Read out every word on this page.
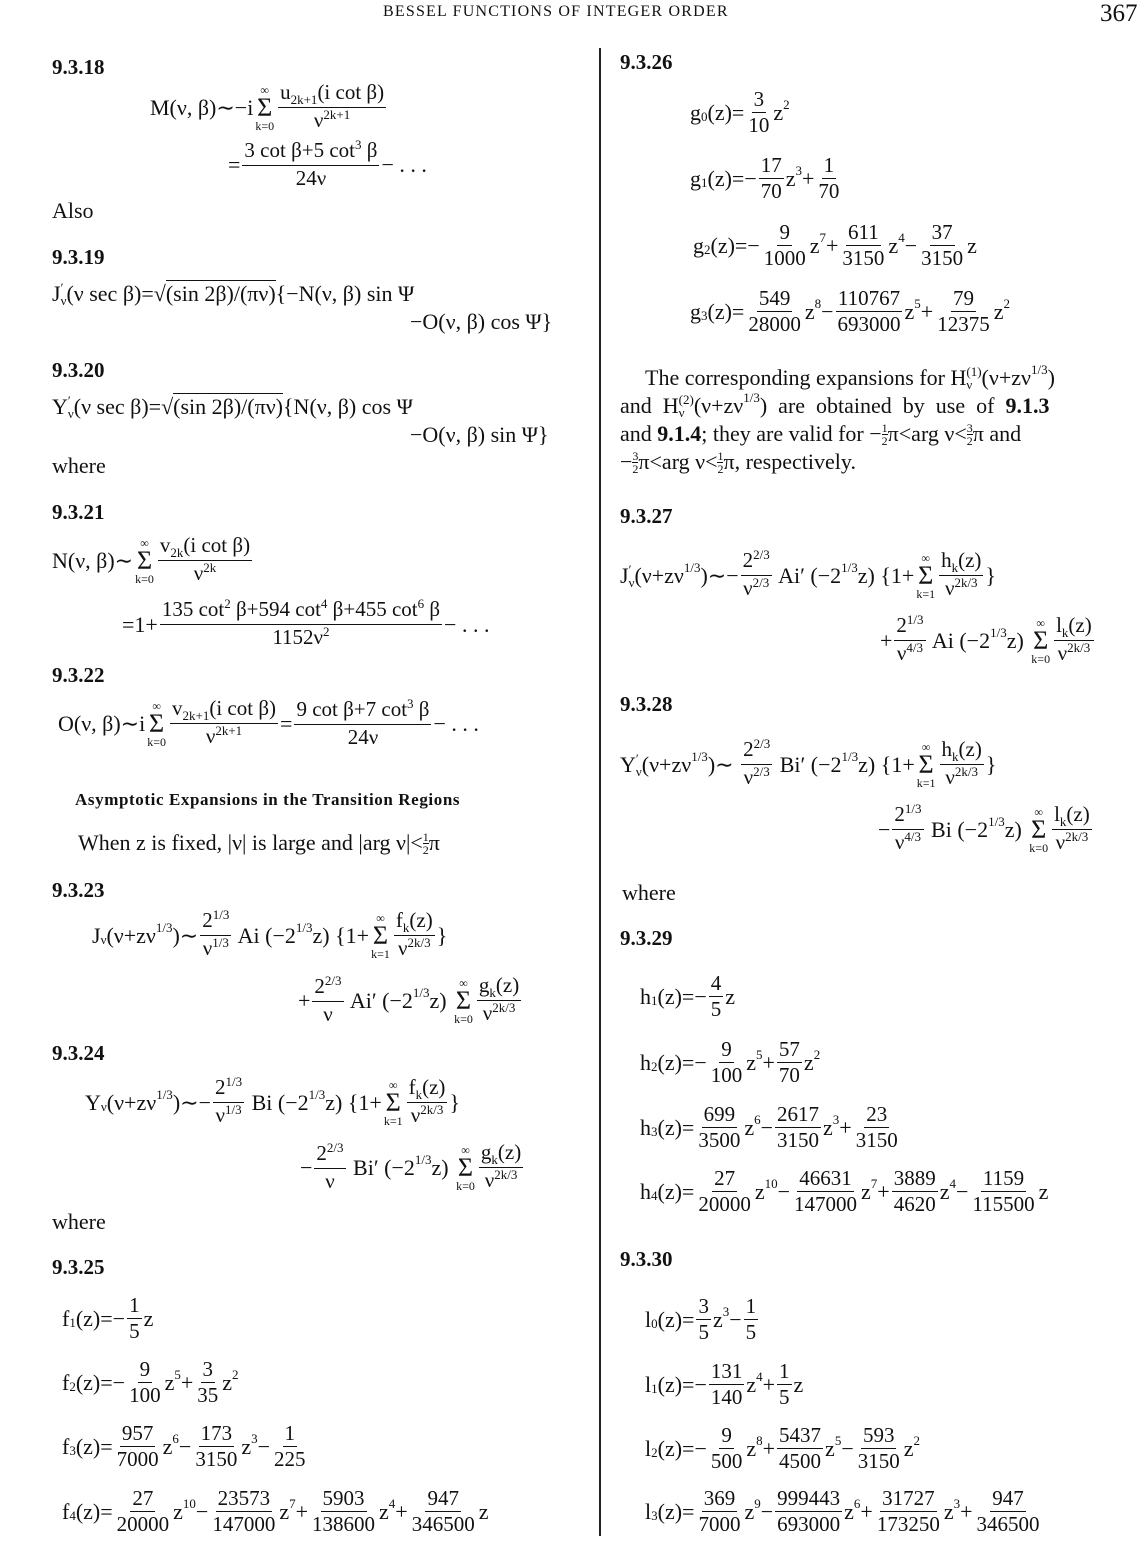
BESSEL FUNCTIONS OF INTEGER ORDER	367
9.3.18
M(ν, β)∼−i
∞
Σ
$k=0 \frac{u_{2k+1}(i \cot \beta)}{\nu^{2k+1}}$
= $\frac{3 \cot \beta+5 \cot^3 \beta}{24\nu}$ − . . .
Also
9.3.19
J ′
ν (ν sec β)= √(sin 2β)/(πν) {−N(ν, β) sin Ψ
−O(ν, β) cos Ψ}
9.3.20
Y ′
ν (ν sec β)= √(sin 2β)/(πν) {N(ν, β) cos Ψ
−O(ν, β) sin Ψ}
where
9.3.21
N(ν, β)∼
∞
Σ
$k=0 \frac{v_{2k}(i \cot \beta)}{\nu^{2k}}$
$=1+ \frac{135 \cot^2 \beta+594 \cot^4 \beta+455 \cot^6 \beta}{1152\nu^2}$ − . . .
9.3.22
O(ν, β)∼i
∞
Σ
$k=0 \frac{v_{2k+1}(i \cot \beta)}{\nu^{2k+1}} = \frac{9 \cot \beta+7 \cot^3 \beta}{24\nu}$ − . . .
Asymptotic Expansions in the Transition Regions
When z is fixed, |ν| is large and |arg $\nu|< \frac{1}{2}$ π
9.3.23
J ν (ν+zν 1/3 )∼ $\frac{2^{1/3}}{\nu^{1/3}}$ Ai (−2 1/3 z) {1+
∞
Σ
$k=1 \frac{f_k(z)}{\nu^{2k/3}}$ }
+ $\frac{2^{2/3}}{\nu} Ai'$ (−2 1/3 z)
∞
Σ
$k=0 \frac{g_k(z)}{\nu^{2k/3}}$
9.3.24
Y ν (ν+zν 1/3 )∼− $\frac{2^{1/3}}{\nu^{1/3}}$ Bi (−2 1/3 z) {1+
∞
Σ
$k=1 \frac{f_k(z)}{\nu^{2k/3}}$ }
− $\frac{2^{2/3}}{\nu} Bi'$ (−2 1/3 z)
∞
Σ
$k=0 \frac{g_k(z)}{\nu^{2k/3}}$
where
9.3.25
f 1 $(z)=- \frac{1}{5}$ z
f 2 $(z)=- \frac{9}{100}$ z $5 + \frac{3}{35}$ z 2
f 3 $(z)= \frac{957}{7000}$ z $6 - \frac{173}{3150}$ z $3 - \frac{1}{225}$
f 4 $(z)= \frac{27}{20000}$ z $10 - \frac{23573}{147000}$ z $7 + \frac{5903}{138600}$ z $4 + \frac{947}{346500}$ z
9.3.26
g 0 $(z)= \frac{3}{10}$ z 2
g 1 $(z)=- \frac{17}{70}$ z $3 + \frac{1}{70}$
g 2 $(z)=- \frac{9}{1000}$ z $7 + \frac{611}{3150}$ z $4 - \frac{37}{3150}$ z
g 3 $(z)= \frac{549}{28000}$ z $8 - \frac{110767}{693000}$ z $5 + \frac{79}{12375}$ z 2
The corresponding expansions for H (1)
ν (ν+zν 1/3 )
and  H (2)
ν (ν+zν 1/3 )  are  obtained  by  use  of 9.1.3
and 9.1.4 ; they are valid for − $\frac{1}{2} \pi<arg$ $\nu< \frac{3}{2}$ π and
− $\frac{3}{2} \pi<arg$ $\nu< \frac{1}{2} \pi$, respectively.
9.3.27
J ′
ν (ν+zν 1/3 )∼− $\frac{2^{2/3}}{\nu^{2/3}} Ai'$ (−2 1/3 z) {1+
∞
Σ
$k=1 \frac{h_k(z)}{\nu^{2k/3}}$ }
+ $\frac{2^{1/3}}{\nu^{4/3}}$ Ai (−2 1/3 z)
∞
Σ
$k=0 \frac{l_k(z)}{\nu^{2k/3}}$
9.3.28
Y ′
ν (ν+zν 1/3 )∼ $\frac{2^{2/3}}{\nu^{2/3}} Bi'$ (−2 1/3 z) {1+
∞
Σ
$k=1 \frac{h_k(z)}{\nu^{2k/3}}$ }
− $\frac{2^{1/3}}{\nu^{4/3}}$ Bi (−2 1/3 z)
∞
Σ
$k=0 \frac{l_k(z)}{\nu^{2k/3}}$
where
9.3.29
h 1 $(z)=- \frac{4}{5}$ z
h 2 $(z)=- \frac{9}{100}$ z $5 + \frac{57}{70}$ z 2
h 3 $(z)= \frac{699}{3500}$ z $6 - \frac{2617}{3150}$ z $3 + \frac{23}{3150}$
h 4 $(z)= \frac{27}{20000}$ z $10 - \frac{46631}{147000}$ z $7 + \frac{3889}{4620}$ z $4 - \frac{1159}{115500}$ z
9.3.30
l 0 $(z)= \frac{3}{5}$ z $3 - \frac{1}{5}$
l 1 $(z)=- \frac{131}{140}$ z $4 + \frac{1}{5}$ z
l 2 $(z)=- \frac{9}{500}$ z $8 + \frac{5437}{4500}$ z $5 - \frac{593}{3150}$ z 2
l 3 $(z)= \frac{369}{7000}$ z $9 - \frac{999443}{693000}$ z $6 + \frac{31727}{173250}$ z $3 + \frac{947}{346500}$
